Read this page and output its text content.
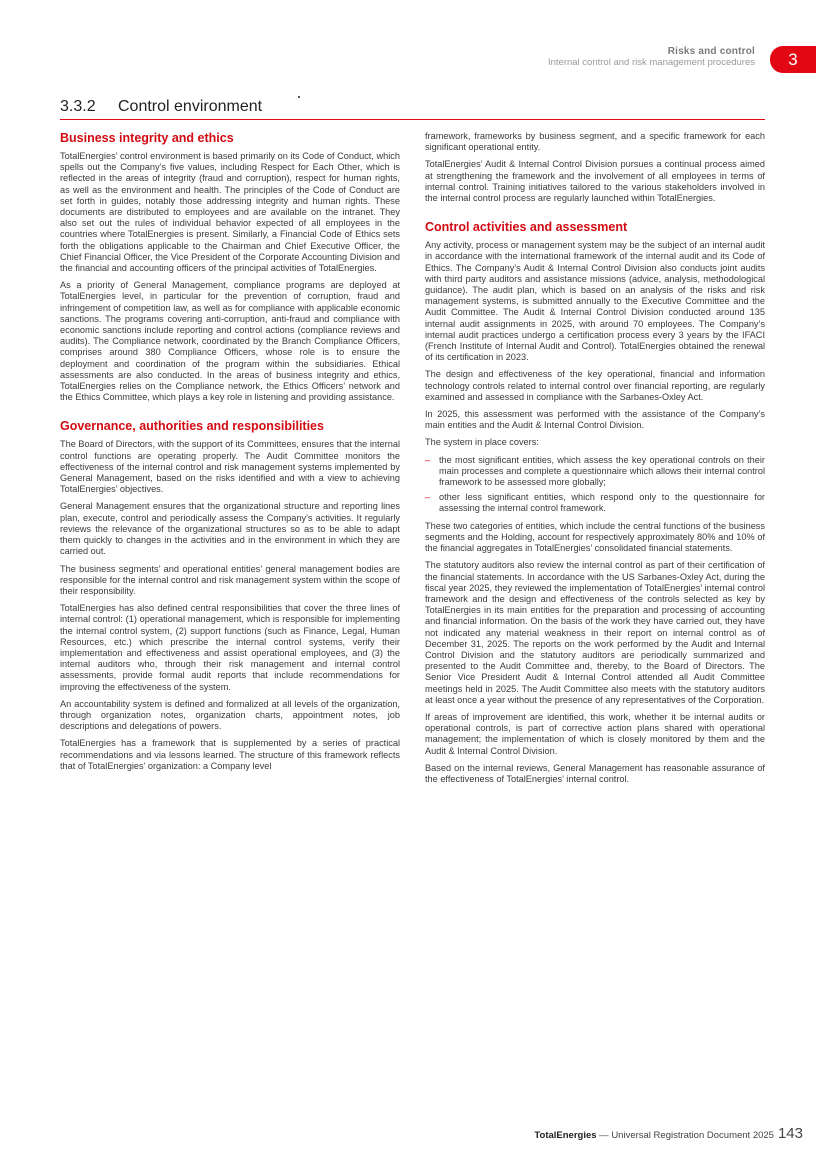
Risks and control
Internal control and risk management procedures	3
3.3.2 Control environment
Business integrity and ethics

TotalEnergies’ control environment is based primarily on its Code of Conduct, which spells out the Company’s five values, including Respect for Each Other, which is reflected in the areas of integrity (fraud and corruption), respect for human rights, as well as the environment and health. The principles of the Code of Conduct are set forth in guides, notably those addressing integrity and human rights. These documents are distributed to employees and are available on the intranet. They also set out the rules of individual behavior expected of all employees in the countries where TotalEnergies is present. Similarly, a Financial Code of Ethics sets forth the obligations applicable to the Chairman and Chief Executive Officer, the Chief Financial Officer, the Vice President of the Corporate Accounting Division and the financial and accounting officers of the principal activities of TotalEnergies.

As a priority of General Management, compliance programs are deployed at TotalEnergies level, in particular for the prevention of corruption, fraud and infringement of competition law, as well as for compliance with applicable economic sanctions. The programs covering anti-corruption, anti-fraud and compliance with economic sanctions include reporting and control actions (compliance reviews and audits). The Compliance network, coordinated by the Branch Compliance Officers, comprises around 380 Compliance Officers, whose role is to ensure the deployment and coordination of the program within the subsidiaries. Ethical assessments are also conducted. In the areas of business integrity and ethics, TotalEnergies relies on the Compliance network, the Ethics Officers’ network and the Ethics Committee, which plays a key role in listening and providing assistance.

Governance, authorities and responsibilities

The Board of Directors, with the support of its Committees, ensures that the internal control functions are operating properly. The Audit Committee monitors the effectiveness of the internal control and risk management systems implemented by General Management, based on the risks identified and with a view to achieving TotalEnergies’ objectives.

General Management ensures that the organizational structure and reporting lines plan, execute, control and periodically assess the Company’s activities. It regularly reviews the relevance of the organizational structures so as to be able to adapt them quickly to changes in the activities and in the environment in which they are carried out.

The business segments’ and operational entities’ general management bodies are responsible for the internal control and risk management system within the scope of their responsibility.

TotalEnergies has also defined central responsibilities that cover the three lines of internal control: (1) operational management, which is responsible for implementing the internal control system, (2) support functions (such as Finance, Legal, Human Resources, etc.) which prescribe the internal control systems, verify their implementation and effectiveness and assist operational employees, and (3) the internal auditors who, through their risk management and internal control assessments, provide formal audit reports that include recommendations for improving the effectiveness of the system.

An accountability system is defined and formalized at all levels of the organization, through organization notes, organization charts, appointment notes, job descriptions and delegations of powers.

TotalEnergies has a framework that is supplemented by a series of practical recommendations and via lessons learned. The structure of this framework reflects that of TotalEnergies’ organization: a Company level

framework, frameworks by business segment, and a specific framework for each significant operational entity.

TotalEnergies’ Audit & Internal Control Division pursues a continual process aimed at strengthening the framework and the involvement of all employees in terms of internal control. Training initiatives tailored to the various stakeholders involved in the internal control process are regularly launched within TotalEnergies.

Control activities and assessment

Any activity, process or management system may be the subject of an internal audit in accordance with the international framework of the internal audit and its Code of Ethics. The Company’s Audit & Internal Control Division also conducts joint audits with third party auditors and assistance missions (advice, analysis, methodological guidance). The audit plan, which is based on an analysis of the risks and risk management systems, is submitted annually to the Executive Committee and the Audit Committee. The Audit & Internal Control Division conducted around 135 internal audit assignments in 2025, with around 70 employees. The Company’s internal audit practices undergo a certification process every 3 years by the IFACI (French Institute of Internal Audit and Control). TotalEnergies obtained the renewal of its certification in 2023.

The design and effectiveness of the key operational, financial and information technology controls related to internal control over financial reporting, are regularly examined and assessed in compliance with the Sarbanes-Oxley Act.

In 2025, this assessment was performed with the assistance of the Company’s main entities and the Audit & Internal Control Division.

The system in place covers:

– the most significant entities, which assess the key operational controls on their main processes and complete a questionnaire which allows their internal control framework to be assessed more globally;
– other less significant entities, which respond only to the questionnaire for assessing the internal control framework.

These two categories of entities, which include the central functions of the business segments and the Holding, account for respectively approximately 80% and 10% of the financial aggregates in TotalEnergies’ consolidated financial statements.

The statutory auditors also review the internal control as part of their certification of the financial statements. In accordance with the US Sarbanes-Oxley Act, during the fiscal year 2025, they reviewed the implementation of TotalEnergies’ internal control framework and the design and effectiveness of the controls selected as key by TotalEnergies in its main entities for the preparation and processing of accounting and financial information. On the basis of the work they have carried out, they have not indicated any material weakness in their report on internal control as of December 31, 2025. The reports on the work performed by the Audit and Internal Control Division and the statutory auditors are periodically summarized and presented to the Audit Committee and, thereby, to the Board of Directors. The Senior Vice President Audit & Internal Control attended all Audit Committee meetings held in 2025. The Audit Committee also meets with the statutory auditors at least once a year without the presence of any representatives of the Corporation.

If areas of improvement are identified, this work, whether it be internal audits or operational controls, is part of corrective action plans shared with operational management; the implementation of which is closely monitored by them and the Audit & Internal Control Division.

Based on the internal reviews, General Management has reasonable assurance of the effectiveness of TotalEnergies’ internal control.

TotalEnergies — Universal Registration Document 2025 143
